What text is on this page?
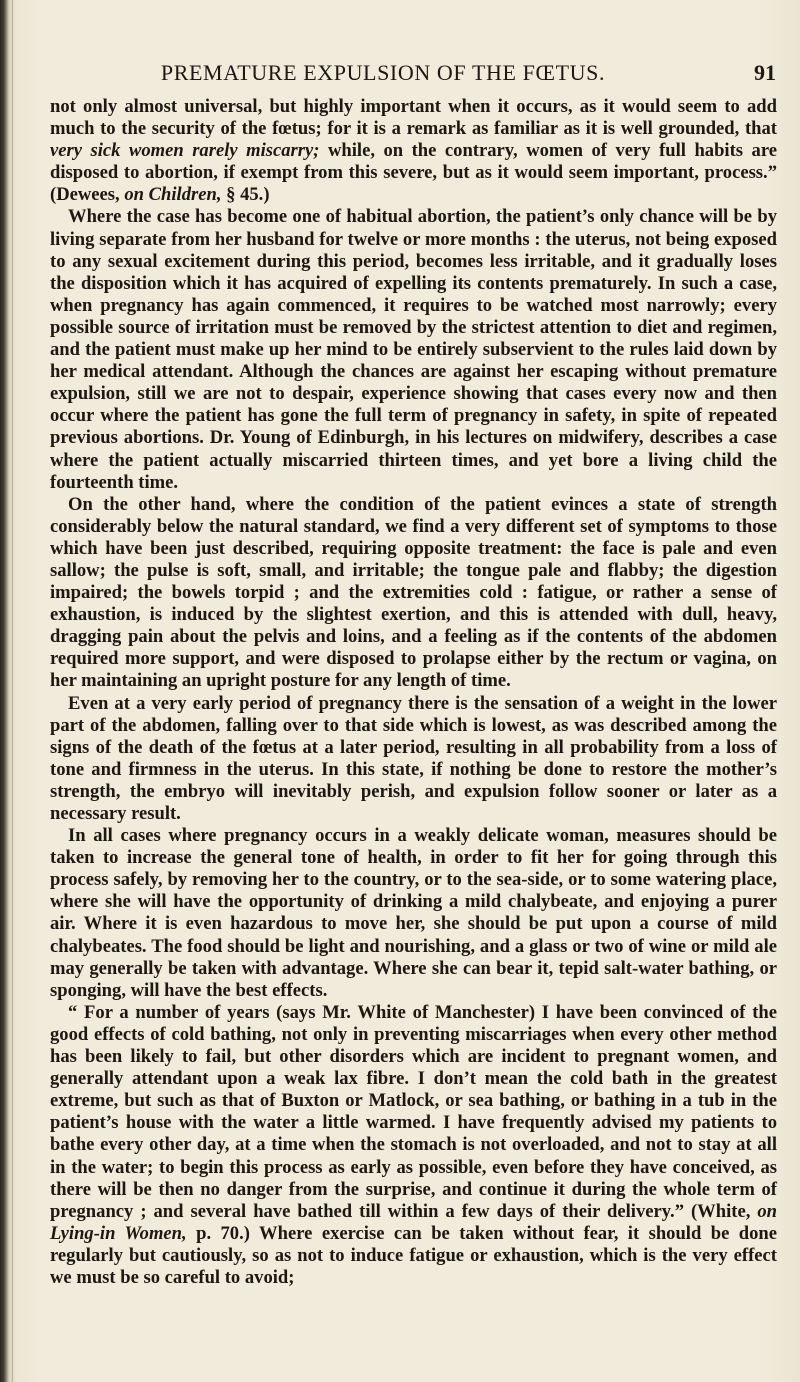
PREMATURE EXPULSION OF THE FŒTUS.	91

not only almost universal, but highly important when it occurs, as it would seem to add much to the security of the fœtus; for it is a remark as familiar as it is well grounded, that very sick women rarely miscarry; while, on the contrary, women of very full habits are disposed to abortion, if exempt from this severe, but as it would seem important, process.” (Dewees, on Children, § 45.)

Where the case has become one of habitual abortion, the patient’s only chance will be by living separate from her husband for twelve or more months : the uterus, not being exposed to any sexual excitement during this period, becomes less irritable, and it gradually loses the disposition which it has acquired of expelling its contents prematurely. In such a case, when pregnancy has again commenced, it requires to be watched most narrowly; every possible source of irritation must be removed by the strictest attention to diet and regimen, and the patient must make up her mind to be entirely subservient to the rules laid down by her medical attendant. Although the chances are against her escaping without premature expulsion, still we are not to despair, experience showing that cases every now and then occur where the patient has gone the full term of pregnancy in safety, in spite of repeated previous abortions. Dr. Young of Edinburgh, in his lectures on midwifery, describes a case where the patient actually miscarried thirteen times, and yet bore a living child the fourteenth time.

On the other hand, where the condition of the patient evinces a state of strength considerably below the natural standard, we find a very different set of symptoms to those which have been just described, requiring opposite treatment: the face is pale and even sallow; the pulse is soft, small, and irritable; the tongue pale and flabby; the digestion impaired; the bowels torpid ; and the extremities cold : fatigue, or rather a sense of exhaustion, is induced by the slightest exertion, and this is attended with dull, heavy, dragging pain about the pelvis and loins, and a feeling as if the contents of the abdomen required more support, and were disposed to prolapse either by the rectum or vagina, on her maintaining an upright posture for any length of time.

Even at a very early period of pregnancy there is the sensation of a weight in the lower part of the abdomen, falling over to that side which is lowest, as was described among the signs of the death of the fœtus at a later period, resulting in all probability from a loss of tone and firmness in the uterus. In this state, if nothing be done to restore the mother’s strength, the embryo will inevitably perish, and expulsion follow sooner or later as a necessary result.

In all cases where pregnancy occurs in a weakly delicate woman, measures should be taken to increase the general tone of health, in order to fit her for going through this process safely, by removing her to the country, or to the sea-side, or to some watering place, where she will have the opportunity of drinking a mild chalybeate, and enjoying a purer air. Where it is even hazardous to move her, she should be put upon a course of mild chalybeates. The food should be light and nourishing, and a glass or two of wine or mild ale may generally be taken with advantage. Where she can bear it, tepid salt-water bathing, or sponging, will have the best effects.

“ For a number of years (says Mr. White of Manchester) I have been convinced of the good effects of cold bathing, not only in preventing miscarriages when every other method has been likely to fail, but other disorders which are incident to pregnant women, and generally attendant upon a weak lax fibre. I don’t mean the cold bath in the greatest extreme, but such as that of Buxton or Matlock, or sea bathing, or bathing in a tub in the patient’s house with the water a little warmed. I have frequently advised my patients to bathe every other day, at a time when the stomach is not overloaded, and not to stay at all in the water; to begin this process as early as possible, even before they have conceived, as there will be then no danger from the surprise, and continue it during the whole term of pregnancy ; and several have bathed till within a few days of their delivery.” (White, on Lying-in Women, p. 70.) Where exercise can be taken without fear, it should be done regularly but cautiously, so as not to induce fatigue or exhaustion, which is the very effect we must be so careful to avoid;
